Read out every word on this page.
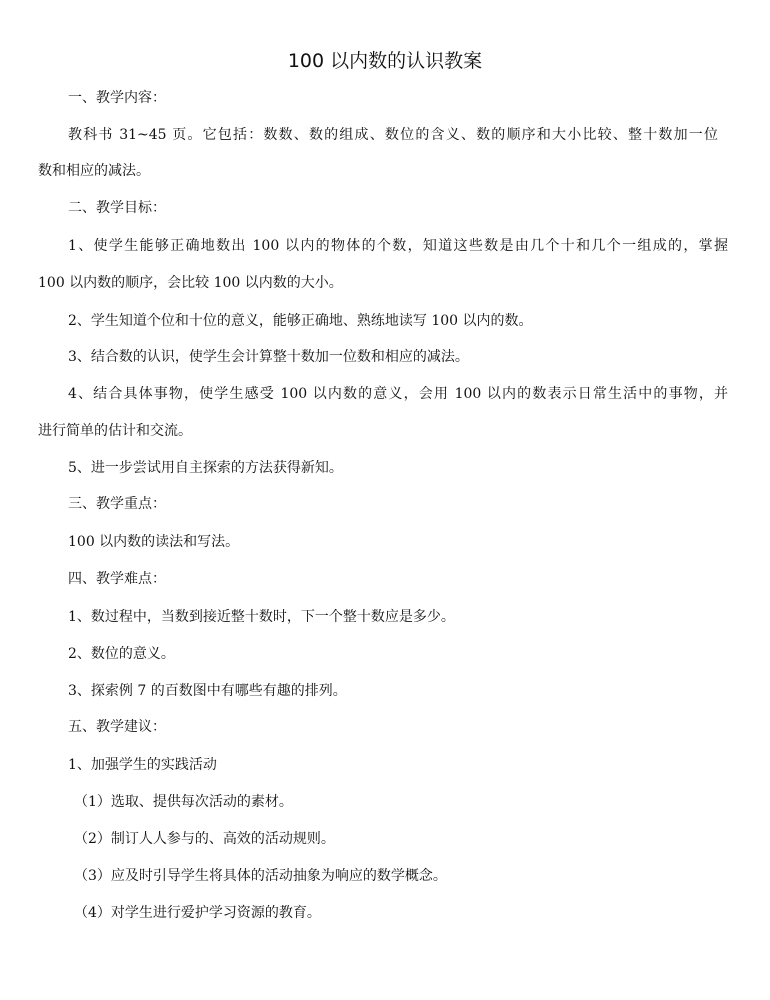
100 以内数的认识教案
一、教学内容：
教科书 31~45 页。它包括：数数、数的组成、数位的含义、数的顺序和大小比较、整十数加一位
数和相应的减法。
二、教学目标：
1、使学生能够正确地数出 100 以内的物体的个数，知道这些数是由几个十和几个一组成的，掌握
100 以内数的顺序，会比较 100 以内数的大小。
2、学生知道个位和十位的意义，能够正确地、熟练地读写 100 以内的数。
3、结合数的认识，使学生会计算整十数加一位数和相应的减法。
4、结合具体事物，使学生感受 100 以内数的意义，会用 100 以内的数表示日常生活中的事物，并
进行简单的估计和交流。
5、进一步尝试用自主探索的方法获得新知。
三、教学重点：
100 以内数的读法和写法。
四、教学难点：
1、数过程中，当数到接近整十数时，下一个整十数应是多少。
2、数位的意义。
3、探索例 7 的百数图中有哪些有趣的排列。
五、教学建议：
1、加强学生的实践活动
（1）选取、提供每次活动的素材。
（2）制订人人参与的、高效的活动规则。
（3）应及时引导学生将具体的活动抽象为响应的数学概念。
（4）对学生进行爱护学习资源的教育。
